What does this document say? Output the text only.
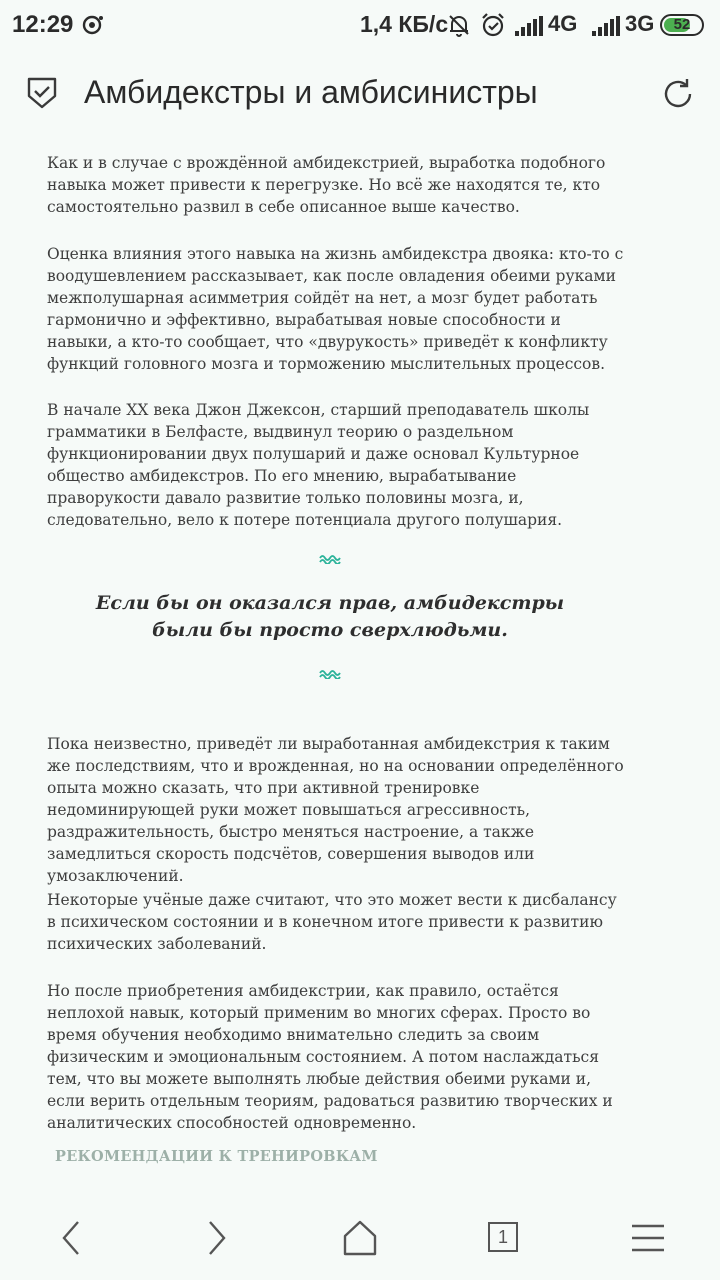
12:29	1,4 КБ/с	4G 3G	52
Амбидекстры и амбисинистры

Как и в случае с врождённой амбидекстрией, выработка подобного навыка может привести к перегрузке. Но всё же находятся те, кто самостоятельно развил в себе описанное выше качество.

Оценка влияния этого навыка на жизнь амбидекстра двояка: кто-то с воодушевлением рассказывает, как после овладения обеими руками межполушарная асимметрия сойдёт на нет, а мозг будет работать гармонично и эффективно, вырабатывая новые способности и навыки, а кто-то сообщает, что «двурукость» приведёт к конфликту функций головного мозга и торможению мыслительных процессов.

В начале XX века Джон Джексон, старший преподаватель школы грамматики в Белфасте, выдвинул теорию о раздельном функционировании двух полушарий и даже основал Культурное общество амбидекстров. По его мнению, вырабатывание праворукости давало развитие только половины мозга, и, следовательно, вело к потере потенциала другого полушария.

Пока неизвестно, приведёт ли выработанная амбидекстрия к таким же последствиям, что и врожденная, но на основании определённого опыта можно сказать, что при активной тренировке недоминирующей руки может повышаться агрессивность, раздражительность, быстро меняться настроение, а также замедлиться скорость подсчётов, совершения выводов или умозаключений.

Некоторые учёные даже считают, что это может вести к дисбалансу в психическом состоянии и в конечном итоге привести к развитию психических заболеваний.

Но после приобретения амбидекстрии, как правило, остаётся неплохой навык, который применим во многих сферах. Просто во время обучения необходимо внимательно следить за своим физическим и эмоциональным состоянием. А потом наслаждаться тем, что вы можете выполнять любые действия обеими руками и, если верить отдельным теориям, радоваться развитию творческих и аналитических способностей одновременно.

Если бы он оказался прав, амбидекстры были бы просто сверхлюдьми.
РЕКОМЕНДАЦИИ К ТРЕНИРОВКАМ
1
